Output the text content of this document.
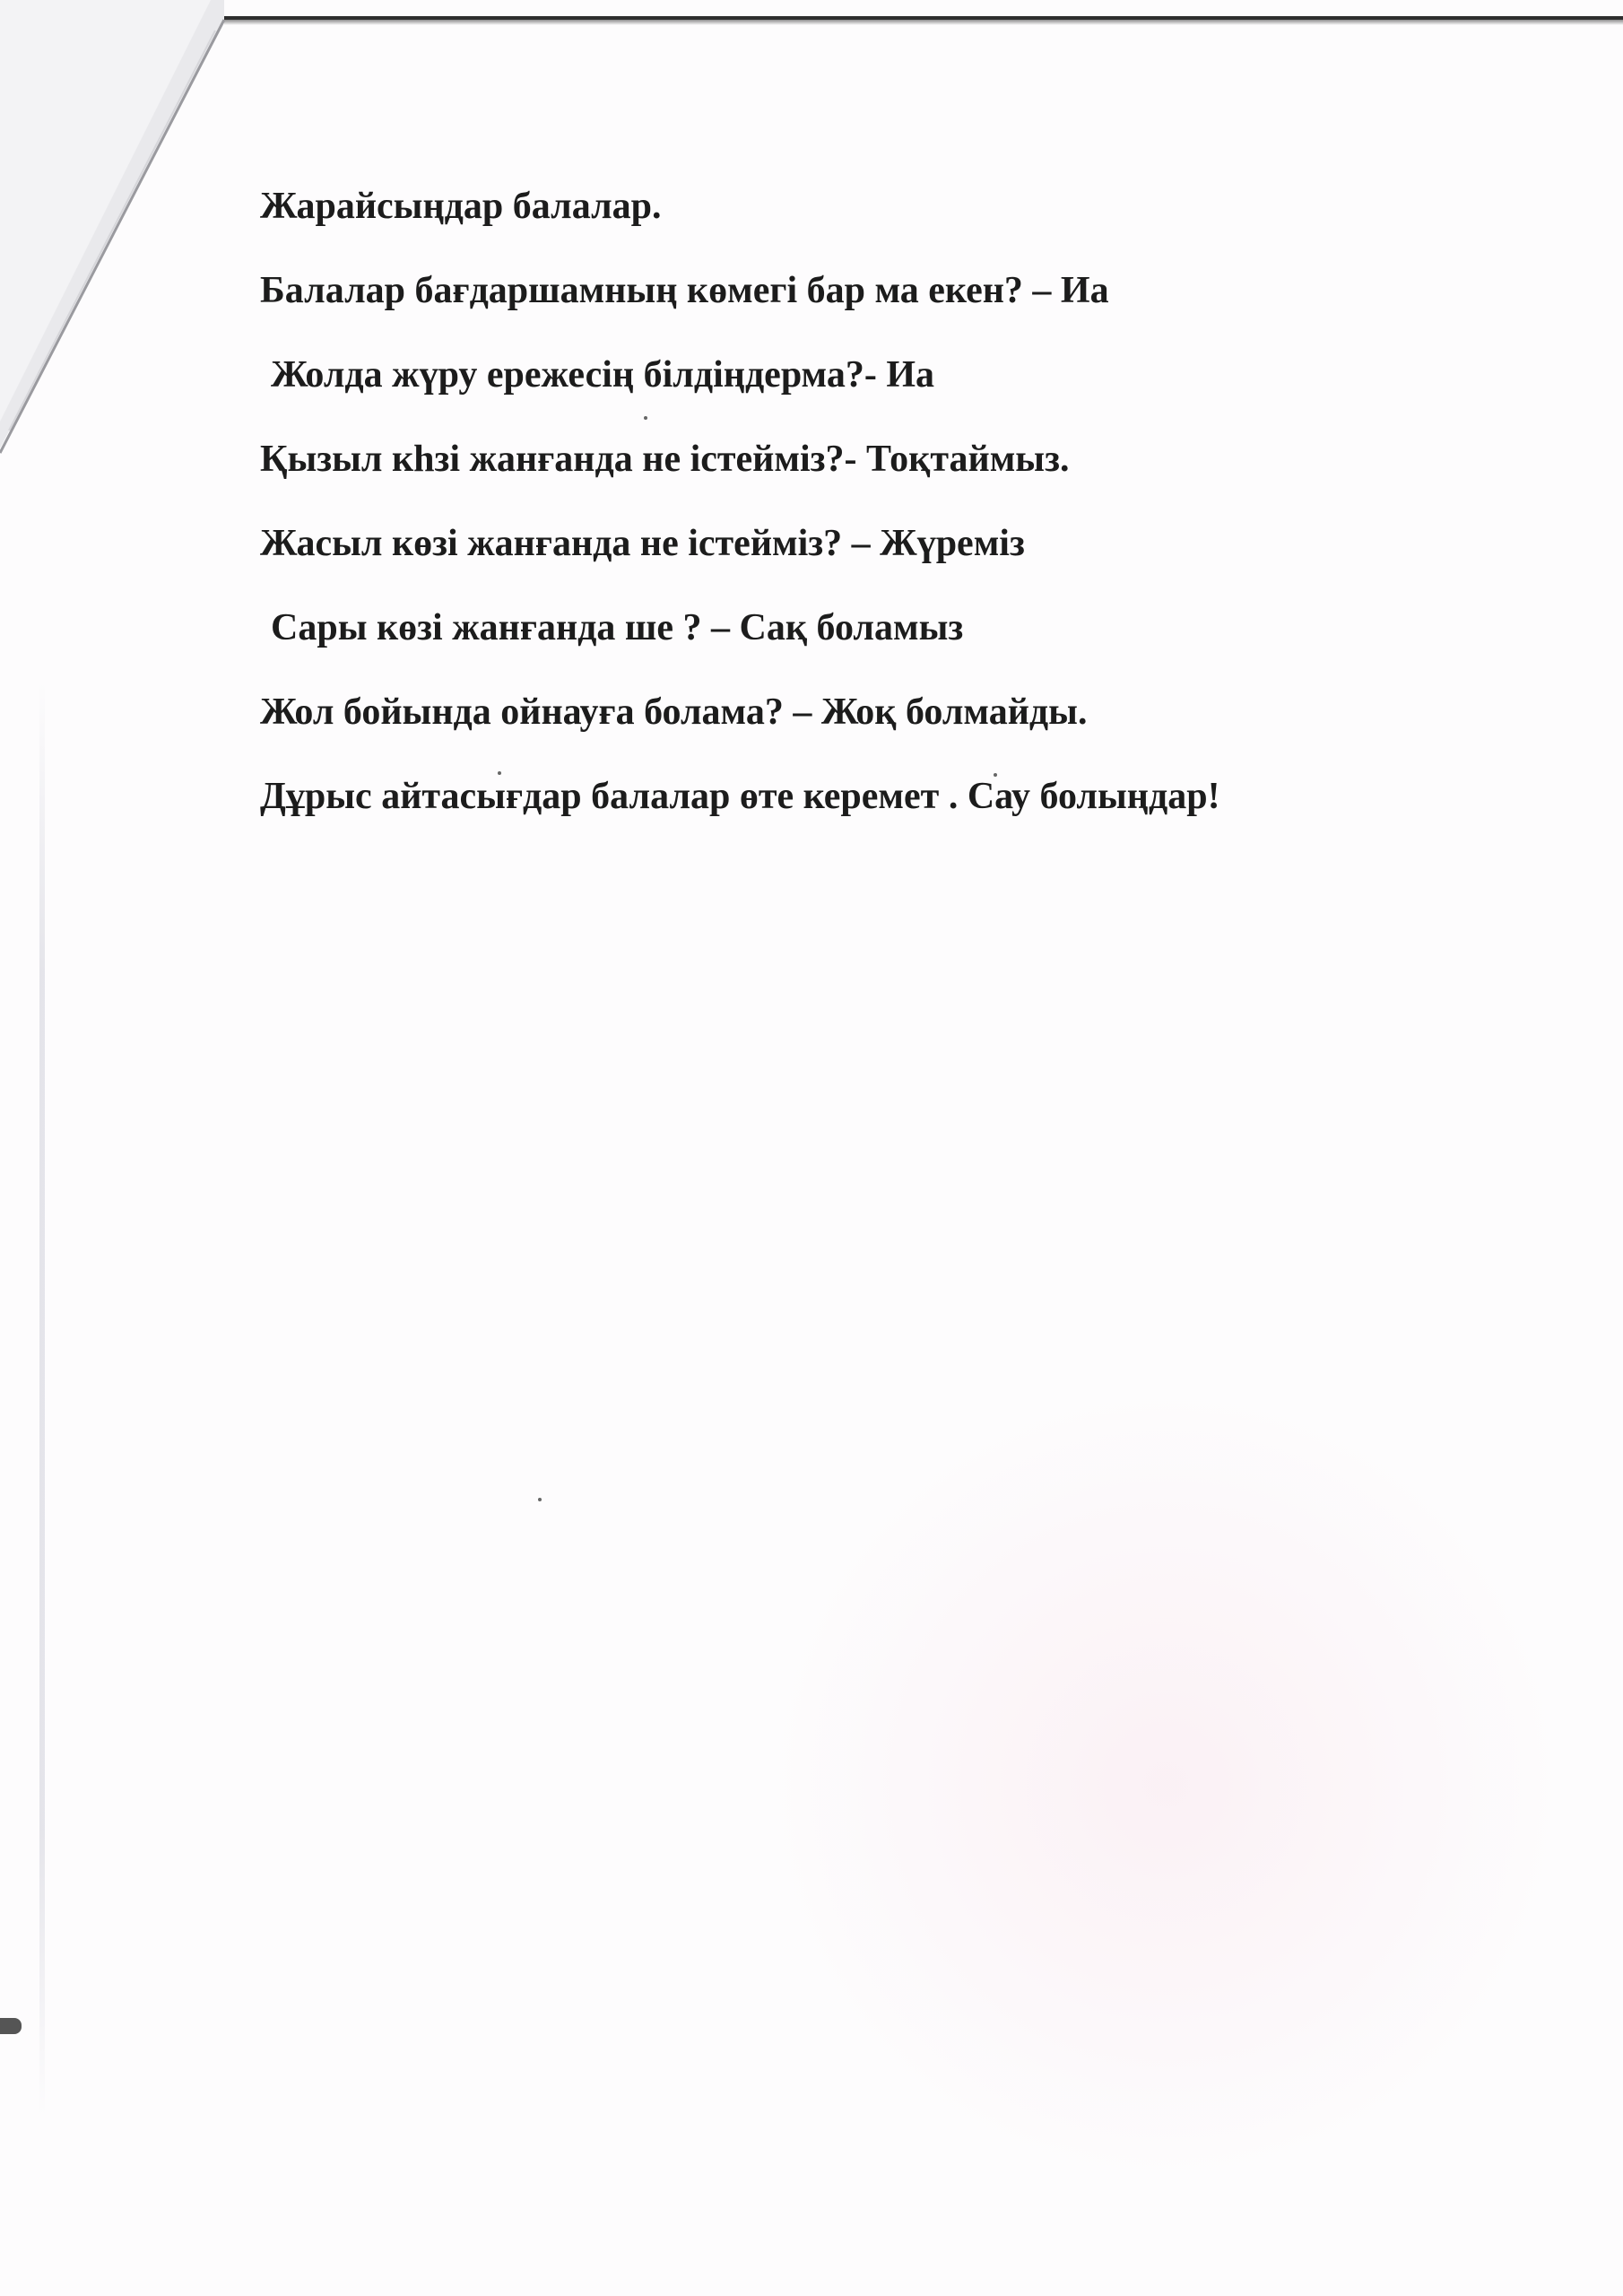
Жарайсыңдар балалар.
Балалар бағдаршамның көмегі бар ма екен? – Иа
Жолда жүру ережесің білдіңдерма?- Иа
Қызыл кһзі жанғанда не істейміз?- Тоқтаймыз.
Жасыл көзі жанғанда не істейміз? – Жүреміз
Сары көзі жанғанда ше ? – Сақ боламыз
Жол бойында ойнауға болама? – Жоқ болмайды.
Дұрыс айтасығдар балалар өте керемет . Сау болыңдар!
